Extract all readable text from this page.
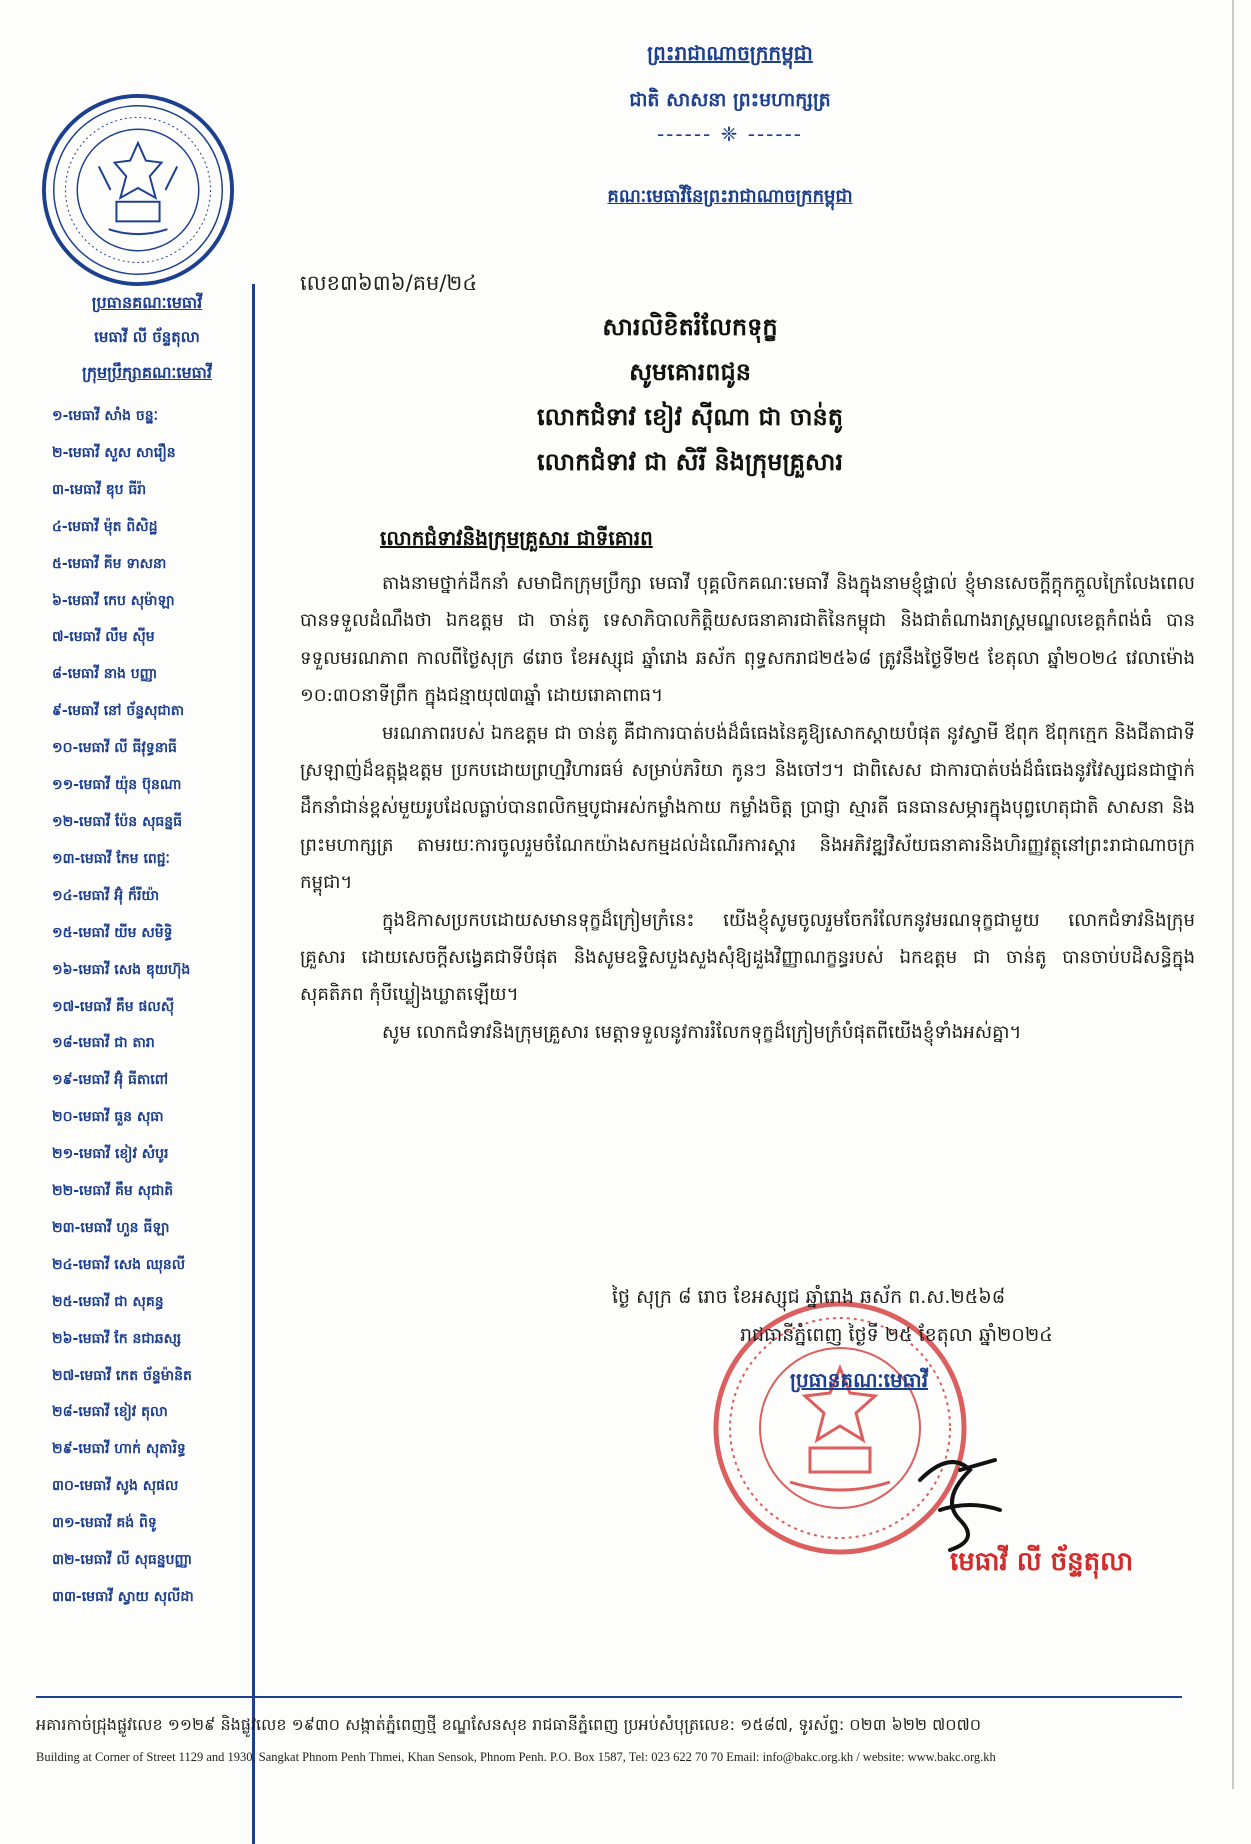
ប្រធានគណៈមេធាវី
មេធាវី លី ច័ន្ទតុលា
ក្រុមប្រឹក្សាគណៈមេធាវី
១-មេធាវី សាំង ចន្ថ្នៈ
២-មេធាវី សួស សារឿន
៣-មេធាវី ឌុប ធីរ៉ា
៤-មេធាវី ម៉ុត ពិសិដ្ឋ
៥-មេធាវី គីម ទាសនា
៦-មេធាវី កេប សុម៉ាឡា
៧-មេធាវី លឹម ស៊ីម
៨-មេធាវី នាង បញ្ញា
៩-មេធាវី នៅ ច័ន្ទសុជាតា
១០-មេធាវី លី ធីវុទ្ធនាធី
១១-មេធាវី យ៉ុន ប៊ុនណា
១២-មេធាវី ប៉ែន សុធន្នធី
១៣-មេធាវី កែម ពេជ្ជៈ
១៤-មេធាវី អ៊ុំ ក៏រីយ៉ា
១៥-មេធាវី យីម សមិទ្ធិ
១៦-មេធាវី សេង ឌុយហ៊ុង
១៧-មេធាវី គឹម ផលស៊ី
១៨-មេធាវី ជា តារា
១៩-មេធាវី អ៊ុំ ធីតាពៅ
២០-មេធាវី ធួន សុធា
២១-មេធាវី ខៀវ សំបូរ
២២-មេធាវី គឹម សុជាតិ
២៣-មេធាវី ហួន ធីឡា
២៤-មេធាវី សេង ឈុនលី
២៥-មេធាវី ជា សុគន្ធ
២៦-មេធាវី កែ នជាឆស្ស
២៧-មេធាវី កេត ច័ន្ទម៉ានិត
២៨-មេធាវី ខៀវ តុលា
២៩-មេធាវី ហាក់ សុតារិទ្ធ
៣០-មេធាវី សូង សុផល
៣១-មេធាវី គង់ ពិទូ
៣២-មេធាវី លី សុធន្នបញ្ញា
៣៣-មេធាវី ស្វាយ សុលីដា
ព្រះរាជាណាចក្រកម្ពុជា
ជាតិ សាសនា ព្រះមហាក្សត្រ
------ ❈ ------
គណៈមេធាវីនៃព្រះរាជាណាចក្រកម្ពុជា
លេខ៣៦៣៦/គម/២៤
សារលិខិតរំលែកទុក្ខ
សូមគោរពជូន
លោកជំទាវ ខៀវ ស៊ីណា ជា ចាន់តូ
លោកជំទាវ ជា សិរី និងក្រុមគ្រួសារ
លោកជំទាវនិងក្រុមគ្រួសារ ជាទីគោរព

តាងនាមថ្នាក់ដឹកនាំ សមាជិកក្រុមប្រឹក្សា មេធាវី បុគ្គលិកគណៈមេធាវី និងក្នុងនាមខ្ញុំផ្ទាល់ ខ្ញុំមានសេចក្តីក្តុកក្តួលក្រៃលែងពេលបានទទួលដំណឹងថា ឯកឧត្តម ជា ចាន់តូ ទេសាភិបាលកិត្តិយសធនាគារជាតិនៃកម្ពុជា និងជាតំណាងរាស្ត្រមណ្ឌលខេត្តកំពង់ធំ បានទទួលមរណភាព កាលពីថ្ងៃសុក្រ ៨រោច ខែអស្សុជ ឆ្នាំរោង ឆស័ក ពុទ្ធសករាជ២៥៦៨ ត្រូវនឹងថ្ងៃទី២៥ ខែតុលា ឆ្នាំ២០២៤ វេលាម៉ោង ១០:៣០នាទីព្រឹក ក្នុងជន្មាយុ៧៣ឆ្នាំ ដោយរោគាពាធ។

មរណភាពរបស់ ឯកឧត្តម ជា ចាន់តូ គឺជាការបាត់បង់ដ៏ធំធេងនៃគូឱ្យសោកស្តាយបំផុត នូវស្វាមី ឪពុក ឪពុកក្មេក និងជីតាជាទីស្រឡាញ់ដ៏ឧត្តុង្គឧត្តម ប្រកបដោយព្រហ្មវិហារធម៌ សម្រាប់ភរិយា កូនៗ និងចៅៗ។ ជាពិសេស ជាការបាត់បង់ដ៏ធំធេងនូវវៃស្សជនជាថ្នាក់ដឹកនាំជាន់ខ្ពស់មួយរូបដែលធ្លាប់បានពលិកម្មបូជាអស់កម្លាំងកាយ កម្លាំងចិត្ត ប្រាជ្ញា ស្មារតី ធនធានសម្ភារក្នុងបុព្វហេតុជាតិ សាសនា និងព្រះមហាក្សត្រ តាមរយៈការចូលរួមចំណែកយ៉ាងសកម្មដល់ដំណើរការស្តារ និងអភិវឌ្ឍវិស័យធនាគារនិងហិរញ្ញវត្ថុនៅព្រះរាជាណាចក្រកម្ពុជា។

ក្នុងឱកាសប្រកបដោយសមានទុក្ខដ៏ក្រៀមក្រំនេះ យើងខ្ញុំសូមចូលរួមចែករំលែកនូវមរណទុក្ខជាមួយ លោកជំទាវនិងក្រុមគ្រួសារ ដោយសេចក្តីសង្វេគជាទីបំផុត និងសូមឧទ្ទិសបួងសួងសុំឱ្យដួងវិញ្ញាណក្ខន្ធរបស់ ឯកឧត្តម ជា ចាន់តូ បានចាប់បដិសន្ធិក្នុងសុគតិភព កុំបីឃ្លៀងឃ្លាតឡើយ។

សូម លោកជំទាវនិងក្រុមគ្រួសារ មេត្តាទទួលនូវការរំលែកទុក្ខដ៏ក្រៀមក្រំបំផុតពីយើងខ្ញុំទាំងអស់គ្នា។

ថ្ងៃ សុក្រ ៨ រោច ខែអស្សុជ ឆ្នាំរោង ឆស័ក ព.ស.២៥៦៨
រាជធានីភ្នំពេញ ថ្ងៃទី ២៥ ខែតុលា ឆ្នាំ២០២៤
ប្រធានគណៈមេធាវី
មេធាវី លី ច័ន្ទតុលា
អគារកាច់ជ្រុងផ្លូវលេខ ១១២៩ និងផ្លូវលេខ ១៩៣០ សង្កាត់ភ្នំពេញថ្មី ខណ្ឌសែនសុខ រាជធានីភ្នំពេញ ប្រអប់សំបុត្រលេខ: ១៥៨៧, ទូរស័ព្ទ: ០២៣ ៦២២ ៧០៧០
Building at Corner of Street 1129 and 1930, Sangkat Phnom Penh Thmei, Khan Sensok, Phnom Penh. P.O. Box 1587, Tel: 023 622 70 70 Email: info@bakc.org.kh / website: www.bakc.org.kh
